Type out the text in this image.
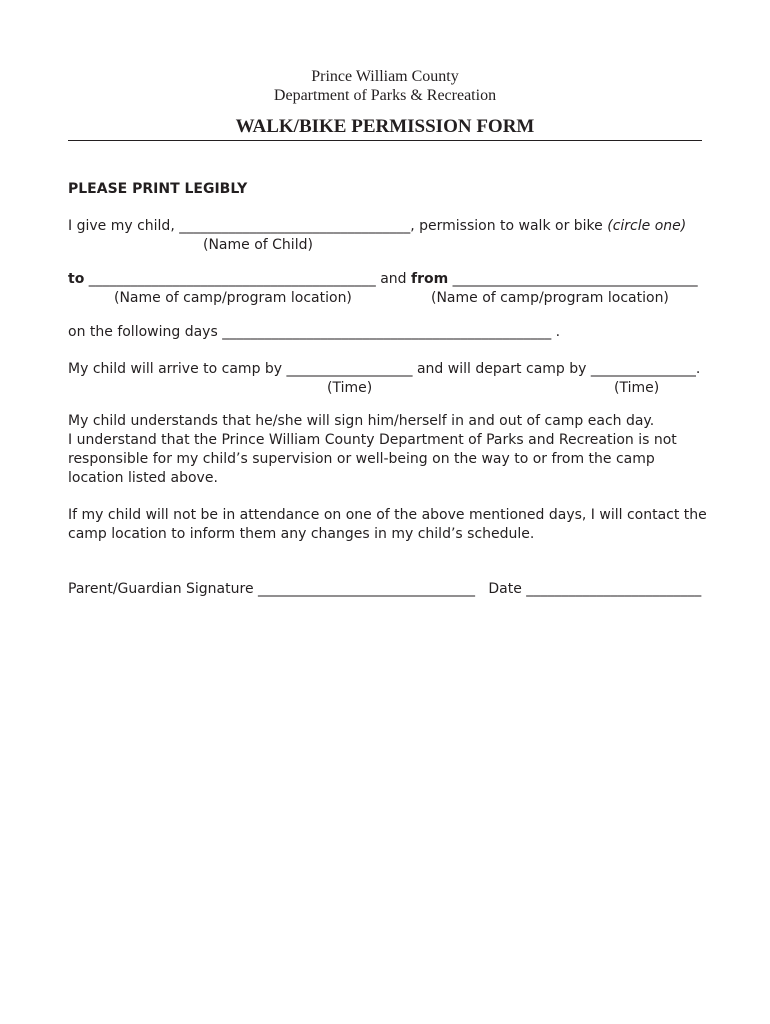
Prince William County
Department of Parks & Recreation
WALK/BIKE PERMISSION FORM
PLEASE PRINT LEGIBLY
I give my child, _________________________________, permission to walk or bike (circle one)
(Name of Child)
to _________________________________________ and from ___________________________________
(Name of camp/program location)	(Name of camp/program location)
on the following days _______________________________________________ .
My child will arrive to camp by __________________ and will depart camp by _______________.
(Time)	(Time)
My child understands that he/she will sign him/herself in and out of camp each day.
I understand that the Prince William County Department of Parks and Recreation is not
responsible for my child’s supervision or well-being on the way to or from the camp
location listed above.
If my child will not be in attendance on one of the above mentioned days, I will contact the
camp location to inform them any changes in my child’s schedule.
Parent/Guardian Signature _______________________________   Date _________________________
